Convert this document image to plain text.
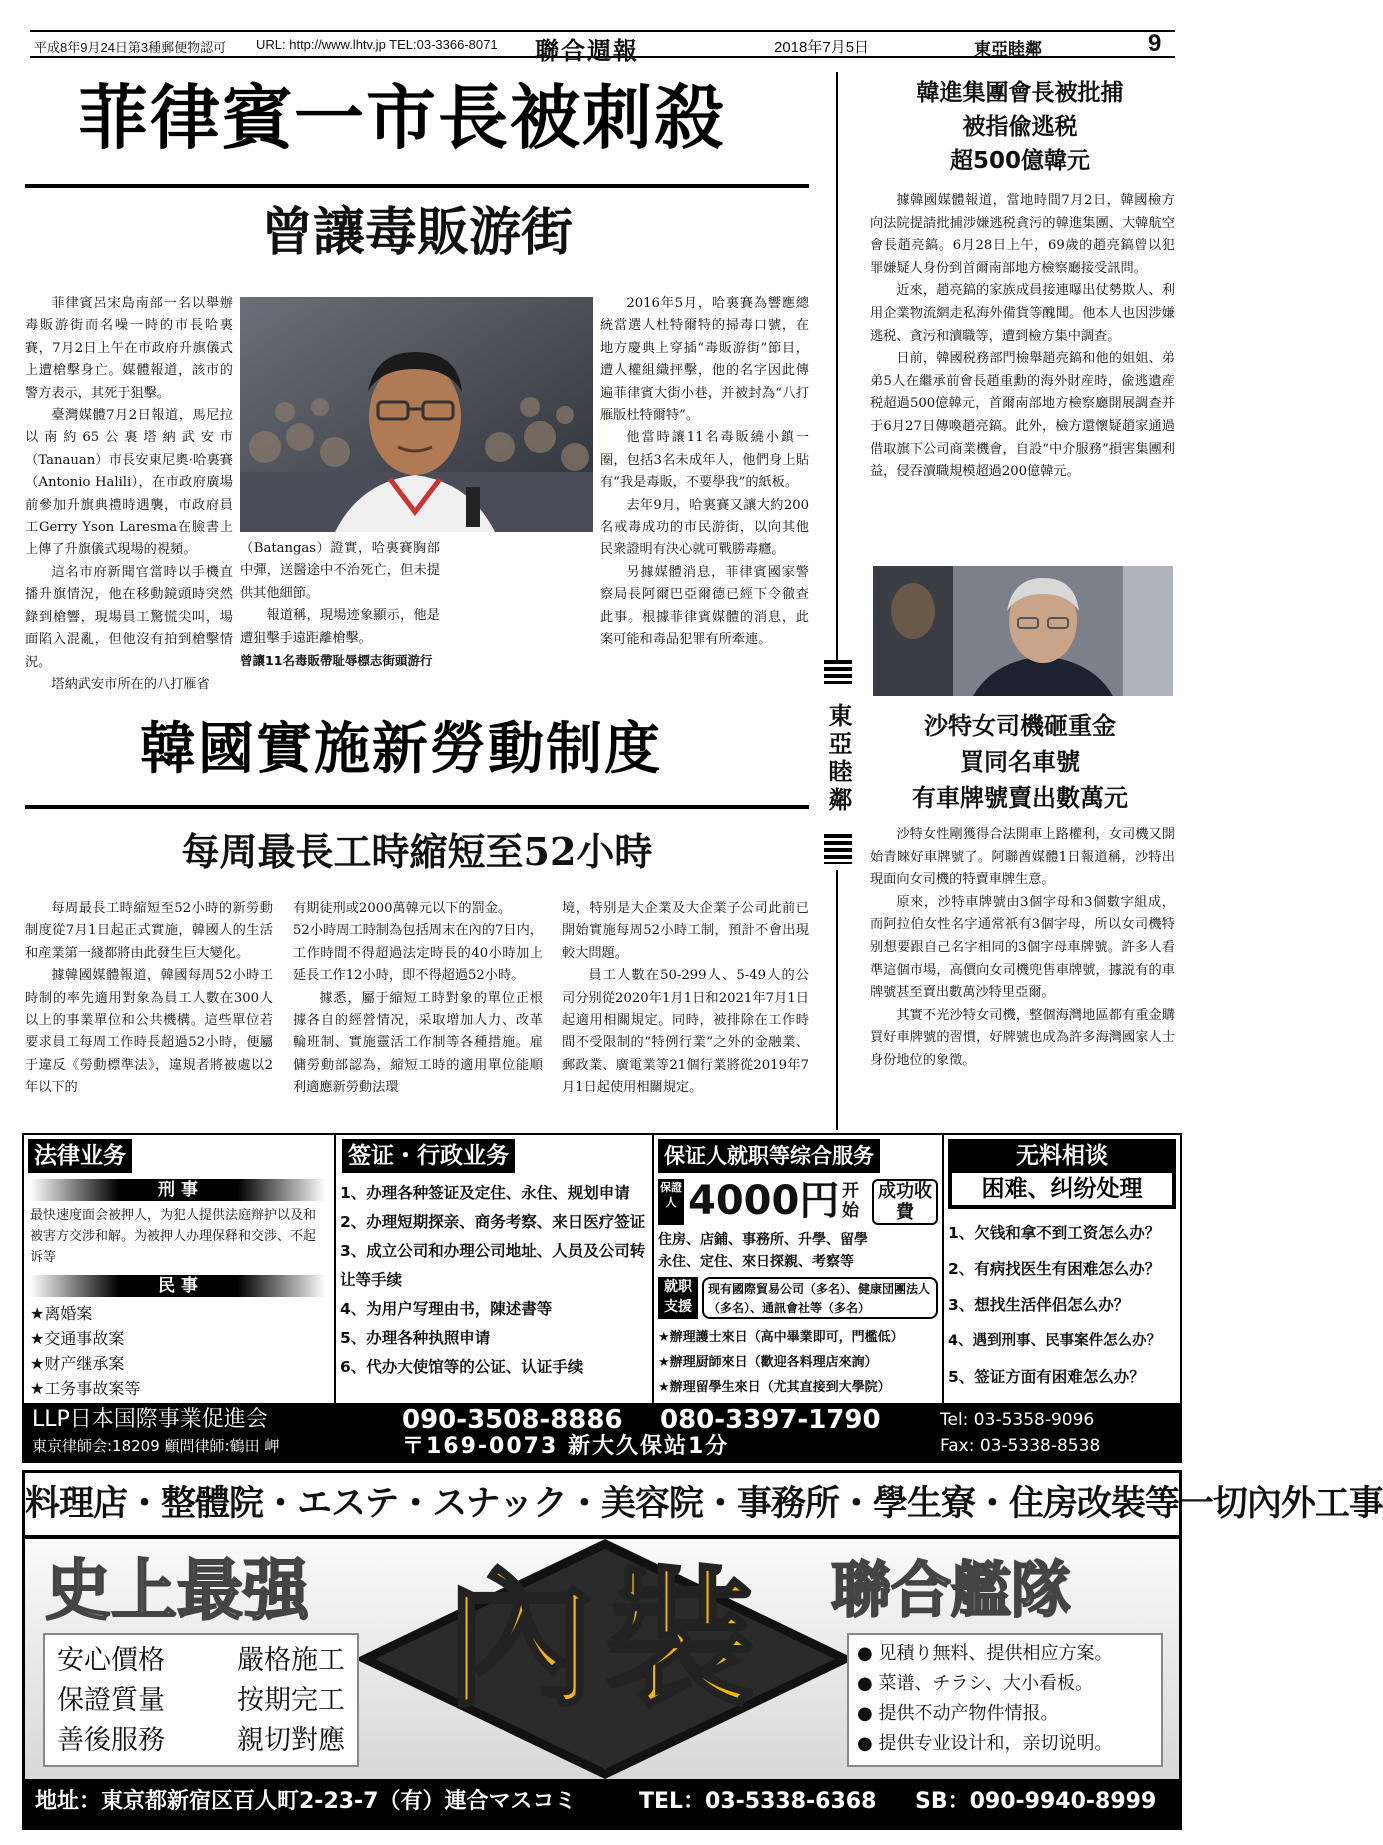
平成8年9月24日第3種郵便物認可 URL: http://www.lhtv.jp TEL:03-3366-8071 聯合週報	2018年7月5日	東亞睦鄰	9
菲律賓一市長被刺殺
曾讓毒販游街

菲律賓呂宋島南部一名以舉辦毒販游街而名噪一時的市長哈裏賽，7月2日上午在市政府升旗儀式上遭槍擊身亡。媒體報道，該市的警方表示，其死于狙擊。

臺灣媒體7月2日報道，馬尼拉以南約65公裏塔納武安市（Tanauan）市長安東尼奧·哈裏賽（Antonio Halili），在市政府廣場前參加升旗典禮時遇襲，市政府員工Gerry Yson Laresma在臉書上上傳了升旗儀式現場的視頻。

這名市府新聞官當時以手機直播升旗情況，他在移動鏡頭時突然錄到槍響，現場員工驚慌尖叫，場面陷入混亂，但他沒有拍到槍擊情況。

塔納武安市所在的八打雁省

（Batangas）證實，哈裏賽胸部中彈，送醫途中不治死亡，但未提供其他細節。

報道稱，現場迹象顯示，他是遭狙擊手遠距離槍擊。

曾讓11名毒販帶耻辱標志街頭游行

2016年5月，哈裏賽為響應總統當選人杜特爾特的掃毒口號，在地方慶典上穿插“毒販游街”節目，遭人權組織抨擊，他的名字因此傳遍菲律賓大街小巷，并被封為“八打雁版杜特爾特”。

他當時讓11名毒販繞小鎮一圈，包括3名未成年人，他們身上貼有“我是毒販，不要學我”的紙板。

去年9月，哈裏賽又讓大約200名戒毒成功的市民游街，以向其他民衆證明有決心就可戰勝毒癮。

另據媒體消息，菲律賓國家警察局長阿爾巴亞爾德已經下令徹查此事。根據菲律賓媒體的消息，此案可能和毒品犯罪有所牽連。

韓國實施新勞動制度
每周最長工時縮短至52小時

每周最長工時縮短至52小時的新勞動制度從7月1日起正式實施，韓國人的生活和産業第一綫都將由此發生巨大變化。

據韓國媒體報道，韓國每周52小時工時制的率先適用對象為員工人數在300人以上的事業單位和公共機構。這些單位若要求員工每周工作時長超過52小時，便屬于違反《勞動標準法》，違規者將被處以2年以下的

有期徒刑或2000萬韓元以下的罰金。

52小時周工時制為包括周末在內的7日内，工作時間不得超過法定時長的40小時加上延長工作12小時，即不得超過52小時。

據悉，屬于縮短工時對象的單位正根據各自的經營情况，采取增加人力、改革輪班制、實施靈活工作制等各種措施。雇傭勞動部認為，縮短工時的適用單位能順利適應新勞動法環

境，特别是大企業及大企業子公司此前已開始實施每周52小時工制，預計不會出現較大問題。

員工人數在50-299人、5-49人的公司分别從2020年1月1日和2021年7月1日起適用相關規定。同時，被排除在工作時間不受限制的“特例行業”之外的金融業、郵政業、廣電業等21個行業將從2019年7月1日起使用相關規定。

東亞睦鄰
韓進集團會長被批捕
被指偸逃税
超500億韓元

據韓國媒體報道，當地時間7月2日，韓國檢方向法院提請批捕涉嫌逃税貪污的韓進集團、大韓航空會長趙亮鎬。6月28日上午，69歲的趙亮鎬曾以犯罪嫌疑人身份到首爾南部地方檢察廳接受訊問。

近來，趙亮鎬的家族成員接連曝出仗勢欺人、利用企業物流網走私海外備貨等醜聞。他本人也因涉嫌逃税、貪污和瀆職等，遭到檢方集中調查。

日前，韓國税務部門檢舉趙亮鎬和他的姐姐、弟弟5人在繼承前會長趙重勳的海外財産時，偸逃遺産税超過500億韓元，首爾南部地方檢察廳開展調查并于6月27日傳喚趙亮鎬。此外，檢方還懷疑趙家通過借取旗下公司商業機會，自設“中介服務”損害集團利益，侵吞瀆職規模超過200億韓元。

沙特女司機砸重金
買同名車號
有車牌號賣出數萬元

沙特女性剛獲得合法開車上路權利，女司機又開始青睞好車牌號了。阿聯酋媒體1日報道稱，沙特出現面向女司機的特賣車牌生意。

原來，沙特車牌號由3個字母和3個數字組成，而阿拉伯女性名字通常祇有3個字母，所以女司機特别想要跟自己名字相同的3個字母車牌號。許多人看準這個市場，高價向女司機兜售車牌號，據説有的車牌號甚至賣出數萬沙特里亞爾。

其實不光沙特女司機，整個海灣地區都有重金購買好車牌號的習慣，好牌號也成為許多海灣國家人士身份地位的象徵。

法律业务
刑 事
最快速度面会被押人，为犯人提供法庭辩护以及和被害方交涉和解。为被押人办理保释和交涉、不起诉等
民 事
★离婚案
★交通事故案
★财产继承案
★工务事故案等
签证・行政业务
1、办理各种签证及定住、永住、规划申请
2、办理短期探亲、商务考察、来日医疗签证
3、成立公司和办理公司地址、人员及公司转让等手续
4、为用户写理由书，陳述書等
5、办理各种执照申请
6、代办大使馆等的公证、认证手续
保证人就职等综合服务
保證人 4000円 开始
成功收費
住房、店鋪、事務所、升學、留學
永住、定住、來日探親、考察等
就职支援
现有國際貿易公司（多名）、健康団團法人（多名）、通訊會社等（多名）
★辦理護士來日（高中畢業即可，門檻低）
★辦理厨師來日（歡迎各料理店來詢）
★辦理留學生來日（尤其直接到大學院）
无料相谈
困难、纠纷处理
1、欠钱和拿不到工资怎么办？
2、有病找医生有困难怎么办？
3、想找生活伴侣怎么办？
4、遇到刑事、民事案件怎么办？
5、签证方面有困难怎么办？
LLP日本国際事業促進会
東京律師会:18209 顧問律師:鶴田 岬
090-3508-8886 080-3397-1790
〒169-0073 新大久保站1分
Tel: 03-5358-9096
Fax: 03-5338-8538
料理店・整體院・エステ・スナック・美容院・事務所・學生寮・住房改裝等一切內外工事
史上最强 內裝	聯合艦隊
安心價格	嚴格施工
保證質量	按期完工
善後服務	親切對應
● 见積り無料、提供相应方案。
● 菜谱、チラシ、大小看板。
● 提供不动产物件情报。
● 提供专业设计和，亲切说明。
地址：東京都新宿区百人町2-23-7（有）連合マスコミ	TEL：03-5338-6368 SB：090-9940-8999
